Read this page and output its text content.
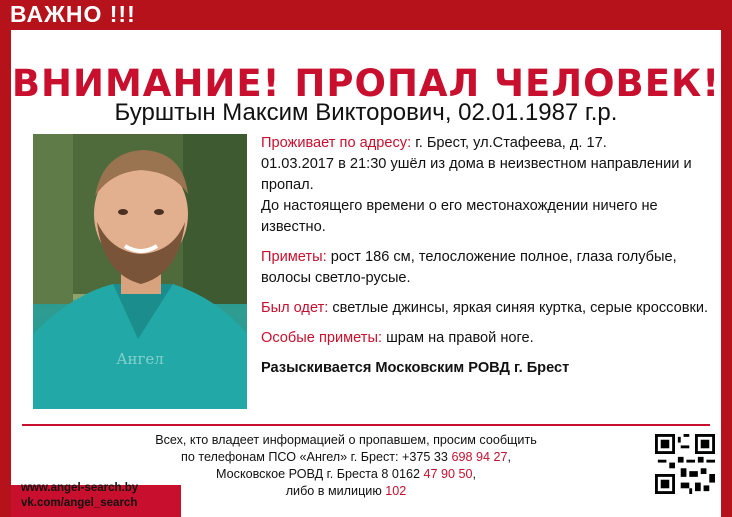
ВАЖНО !!!
ВНИМАНИЕ! ПРОПАЛ ЧЕЛОВЕК!
Бурштын Максим Викторович, 02.01.1987 г.р.
Ангел

Проживает по адресу: г. Брест, ул.Стафеева, д. 17.
01.03.2017 в 21:30 ушёл из дома в неизвестном направлении и пропал.
До настоящего времени о его местонахождении ничего не известно.

Приметы: рост 186 см, телосложение полное, глаза голубые, волосы светло-русые.

Был одет: светлые джинсы, яркая синяя куртка, серые кроссовки.

Особые приметы: шрам на правой ноге.

Разыскивается Московским РОВД г. Брест

Всех, кто владеет информацией о пропавшем, просим сообщить
по телефонам ПСО «Ангел» г. Брест: +375 33 698 94 27,
Московское РОВД г. Бреста 8 0162 47 90 50,
либо в милицию 102
www.angel-search.by
vk.com/angel_search
